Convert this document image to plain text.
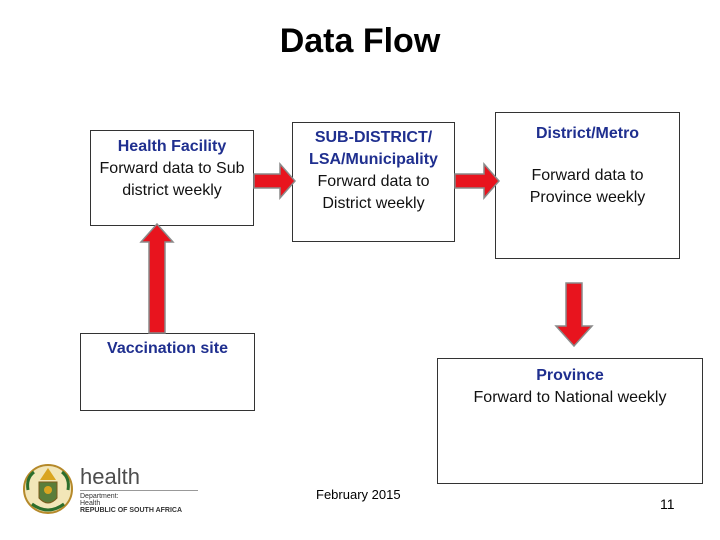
Data Flow
Health Facility
Forward data to Sub district weekly
SUB-DISTRICT/ LSA/Municipality
Forward data to District weekly
District/Metro
Forward data to Province weekly
Vaccination site
Province
Forward to National weekly
health
Department:
Health
REPUBLIC OF SOUTH AFRICA
February 2015
11
